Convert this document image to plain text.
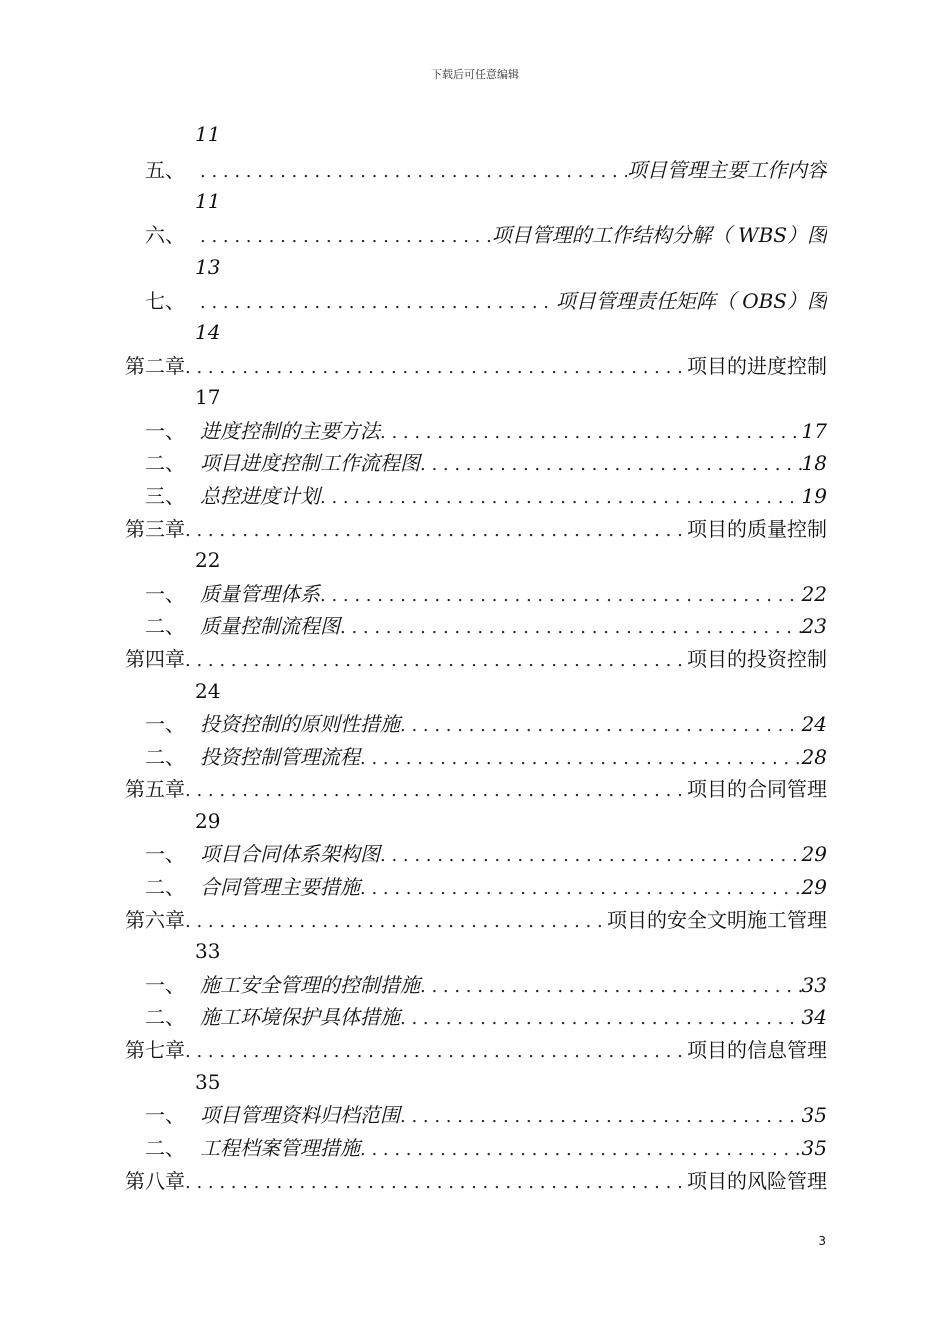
下载后可任意编辑
11
五、 . . .	项目管理主要工作内容
11
六、 . . .	项目管理的工作结构分解（ WBS）图
13
七、 . . .	项目管理责任矩阵（ OBS）图
14
第二章 . . .	项目的进度控制
17
一、 进度控制的主要方法 . . .	17
二、 项目进度控制工作流程图 . . .	18
三、 总控进度计划 . . .	19
第三章 . . .	项目的质量控制
22
一、 质量管理体系 . . .	22
二、 质量控制流程图 . . .	23
第四章 . . .	项目的投资控制
24
一、 投资控制的原则性措施 . . .	24
二、 投资控制管理流程 . . .	28
第五章 . . .	项目的合同管理
29
一、 项目合同体系架构图 . . .	29
二、 合同管理主要措施 . . .	29
第六章 . . .	项目的安全文明施工管理
33
一、 施工安全管理的控制措施 . . .	33
二、 施工环境保护具体措施 . . .	34
第七章 . . .	项目的信息管理
35
一、 项目管理资料归档范围 . . .	35
二、 工程档案管理措施 . . .	35
第八章 . . .	项目的风险管理
3
